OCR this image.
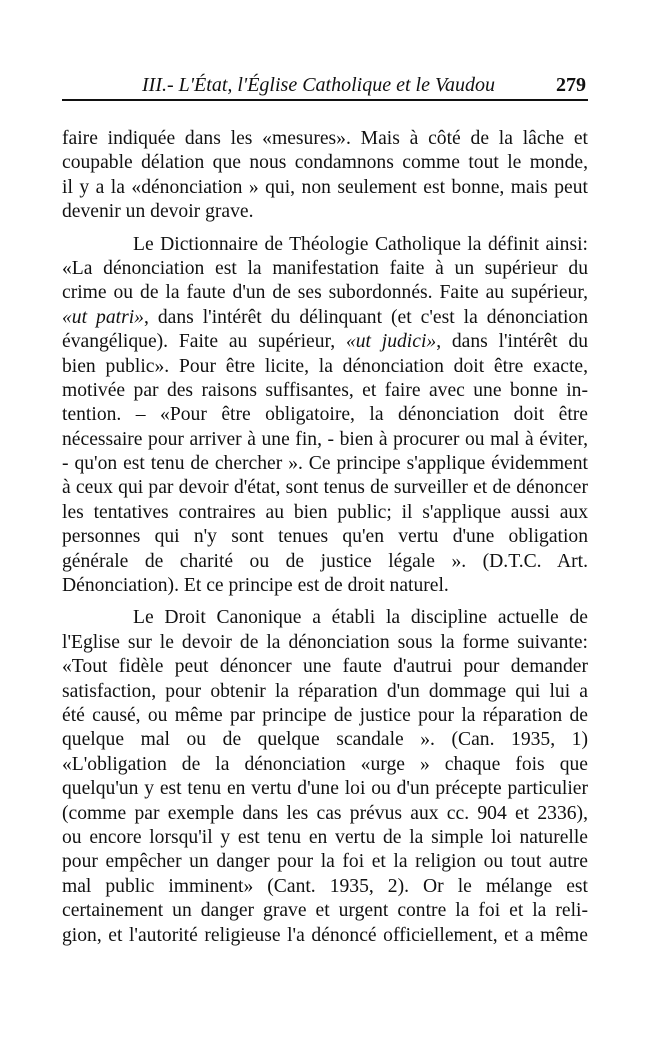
III.- L'État, l'Église Catholique et le Vaudou	279
faire indiquée dans les «mesures». Mais à côté de la lâche et
coupable délation que nous condamnons comme tout le monde,
il y a la «dénonciation » qui, non seulement est bonne, mais peut
devenir un devoir grave.
Le Dictionnaire de Théologie Catholique la définit ainsi:
«La dénonciation est la manifestation faite à un supérieur du
crime ou de la faute d'un de ses subordonnés. Faite au supérieur,
«ut patri», dans l'intérêt du délinquant (et c'est la dénonciation
évangélique). Faite au supérieur, «ut judici», dans l'intérêt du
bien public». Pour être licite, la dénonciation doit être exacte,
motivée par des raisons suffisantes, et faire avec une bonne in-
tention. – «Pour être obligatoire, la dénonciation doit être
nécessaire pour arriver à une fin, - bien à procurer ou mal à éviter,
- qu'on est tenu de chercher ». Ce principe s'applique évidemment
à ceux qui par devoir d'état, sont tenus de surveiller et de dénoncer
les tentatives contraires au bien public; il s'applique aussi aux
personnes qui n'y sont tenues qu'en vertu d'une obligation
générale de charité ou de justice légale ». (D.T.C. Art.
Dénonciation). Et ce principe est de droit naturel.
Le Droit Canonique a établi la discipline actuelle de
l'Eglise sur le devoir de la dénonciation sous la forme suivante:
«Tout fidèle peut dénoncer une faute d'autrui pour demander
satisfaction, pour obtenir la réparation d'un dommage qui lui a
été causé, ou même par principe de justice pour la réparation de
quelque mal ou de quelque scandale ». (Can. 1935, 1)
«L'obligation de la dénonciation «urge » chaque fois que
quelqu'un y est tenu en vertu d'une loi ou d'un précepte particulier
(comme par exemple dans les cas prévus aux cc. 904 et 2336),
ou encore lorsqu'il y est tenu en vertu de la simple loi naturelle
pour empêcher un danger pour la foi et la religion ou tout autre
mal public imminent» (Cant. 1935, 2). Or le mélange est
certainement un danger grave et urgent contre la foi et la reli-
gion, et l'autorité religieuse l'a dénoncé officiellement, et a même
